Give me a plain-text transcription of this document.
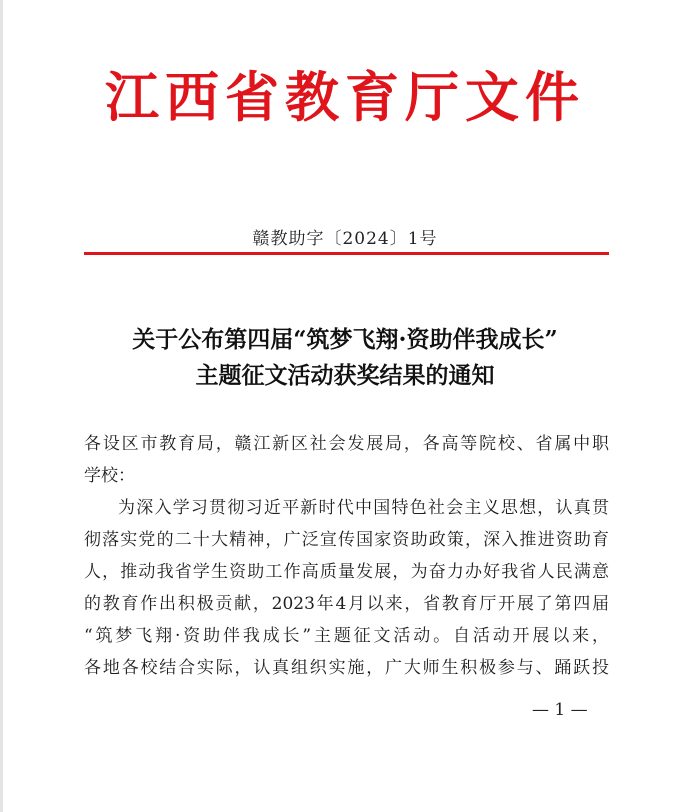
江西省教育厅文件
赣教助字〔2024〕1号
关于公布第四届“筑梦飞翔·资助伴我成长”
主题征文活动获奖结果的通知
各设区市教育局，赣江新区社会发展局，各高等院校、省属中职
学校：
为深入学习贯彻习近平新时代中国特色社会主义思想，认真贯
彻落实党的二十大精神，广泛宣传国家资助政策，深入推进资助育
人，推动我省学生资助工作高质量发展，为奋力办好我省人民满意
的教育作出积极贡献，2023年4月以来，省教育厅开展了第四届
“筑梦飞翔·资助伴我成长”主题征文活动。自活动开展以来，
各地各校结合实际，认真组织实施，广大师生积极参与、踊跃投
— 1 —
